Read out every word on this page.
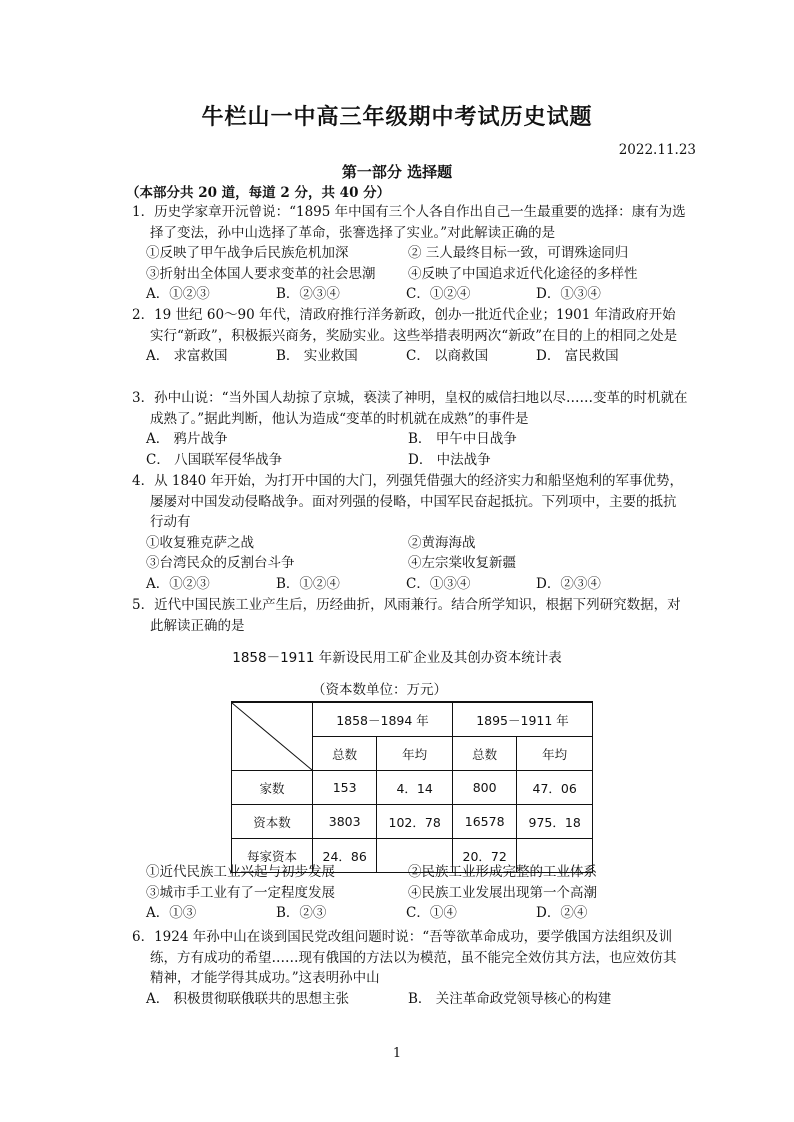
牛栏山一中高三年级期中考试历史试题
2022.11.23
第一部分 选择题
（本部分共 20 道，每道 2 分，共 40 分）
1．历史学家章开沅曾说：“1895 年中国有三个人各自作出自己一生最重要的选择：康有为选择了变法，孙中山选择了革命，张謇选择了实业。”对此解读正确的是
①反映了甲午战争后民族危机加深	② 三人最终目标一致，可谓殊途同归
③折射出全体国人要求变革的社会思潮	④反映了中国追求近代化途径的多样性
A．①②③	B．②③④	C．①②④	D．①③④
2．19 世纪 60～90 年代，清政府推行洋务新政，创办一批近代企业；1901 年清政府开始实行“新政”，积极振兴商务，奖励实业。这些举措表明两次“新政”在目的上的相同之处是
A． 求富救国	B． 实业救国	C． 以商救国	D． 富民救国
3．孙中山说：“当外国人劫掠了京城，亵渎了神明，皇权的威信扫地以尽……变革的时机就在成熟了。”据此判断，他认为造成“变革的时机就在成熟”的事件是
A． 鸦片战争	B． 甲午中日战争
C． 八国联军侵华战争	D． 中法战争
4．从 1840 年开始，为打开中国的大门，列强凭借强大的经济实力和船坚炮利的军事优势，屡屡对中国发动侵略战争。面对列强的侵略，中国军民奋起抵抗。下列项中，主要的抵抗行动有
①收复雅克萨之战	②黄海海战
③台湾民众的反割台斗争	④左宗棠收复新疆
A．①②③	B．①②④	C．①③④	D．②③④
5．近代中国民族工业产生后，历经曲折，风雨兼行。结合所学知识，根据下列研究数据，对此解读正确的是
1858－1911 年新设民用工矿企业及其创办资本统计表
（资本数单位：万元）
	1858－1894 年		1895－1911 年	
	总数	年均	总数	年均
家数	153	4．14	800	47．06
资本数	3803	102．78	16578	975．18
每家资本	24．86		20．72	
①近代民族工业兴起与初步发展	②民族工业形成完整的工业体系
③城市手工业有了一定程度发展	④民族工业发展出现第一个高潮
A．①③	B．②③	C．①④	D．②④
6．1924 年孙中山在谈到国民党改组问题时说：“吾等欲革命成功，要学俄国方法组织及训练，方有成功的希望……现有俄国的方法以为模范，虽不能完全效仿其方法，也应效仿其精神，才能学得其成功。”这表明孙中山
A． 积极贯彻联俄联共的思想主张	B． 关注革命政党领导核心的构建
1
